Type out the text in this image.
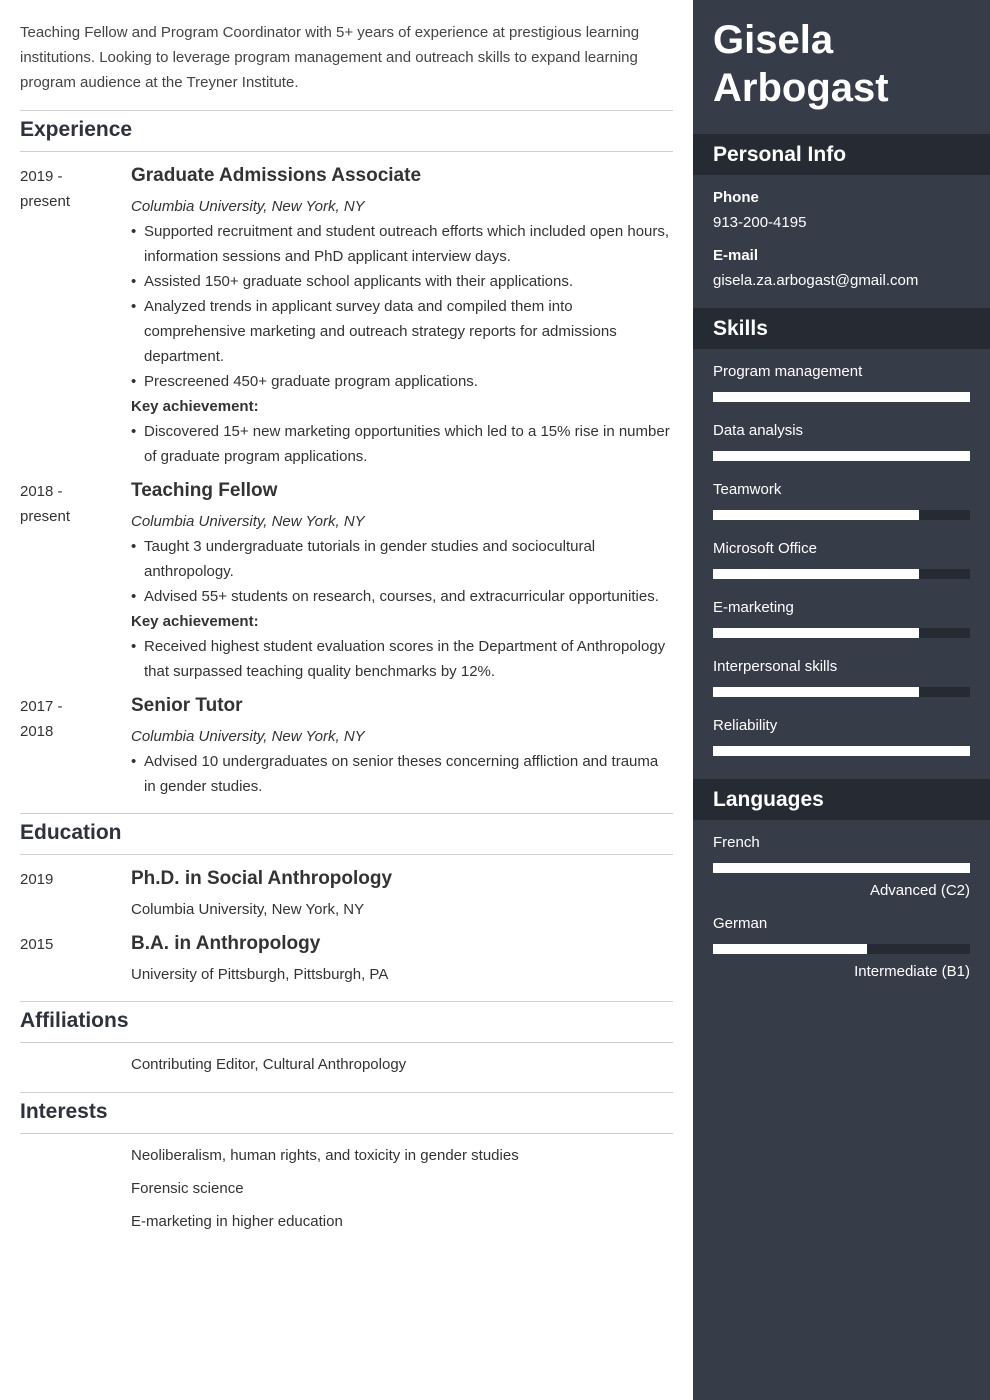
Teaching Fellow and Program Coordinator with 5+ years of experience at prestigious learning institutions. Looking to leverage program management and outreach skills to expand learning program audience at the Treyner Institute.

Experience
2019 -
present
Graduate Admissions Associate
Columbia University, New York, NY
• Supported recruitment and student outreach efforts which included open hours, information sessions and PhD applicant interview days.
• Assisted 150+ graduate school applicants with their applications.
• Analyzed trends in applicant survey data and compiled them into comprehensive marketing and outreach strategy reports for admissions department.
• Prescreened 450+ graduate program applications.
Key achievement:
• Discovered 15+ new marketing opportunities which led to a 15% rise in number of graduate program applications.
2018 -
present
Teaching Fellow
Columbia University, New York, NY
• Taught 3 undergraduate tutorials in gender studies and sociocultural anthropology.
• Advised 55+ students on research, courses, and extracurricular opportunities.
Key achievement:
• Received highest student evaluation scores in the Department of Anthropology that surpassed teaching quality benchmarks by 12%.
2017 -
2018
Senior Tutor
Columbia University, New York, NY
• Advised 10 undergraduates on senior theses concerning affliction and trauma in gender studies.
Education
2019	Ph.D. in Social Anthropology
Columbia University, New York, NY
2015	B.A. in Anthropology
University of Pittsburgh, Pittsburgh, PA
Affiliations
Contributing Editor, Cultural Anthropology
Interests
Neoliberalism, human rights, and toxicity in gender studies
Forensic science
E-marketing in higher education
Gisela
Arbogast
Personal Info
Phone
913-200-4195
E-mail
gisela.za.arbogast@gmail.com
Skills
Program management
Data analysis
Teamwork
Microsoft Office
E-marketing
Interpersonal skills
Reliability
Languages
French
Advanced (C2)
German
Intermediate (B1)
